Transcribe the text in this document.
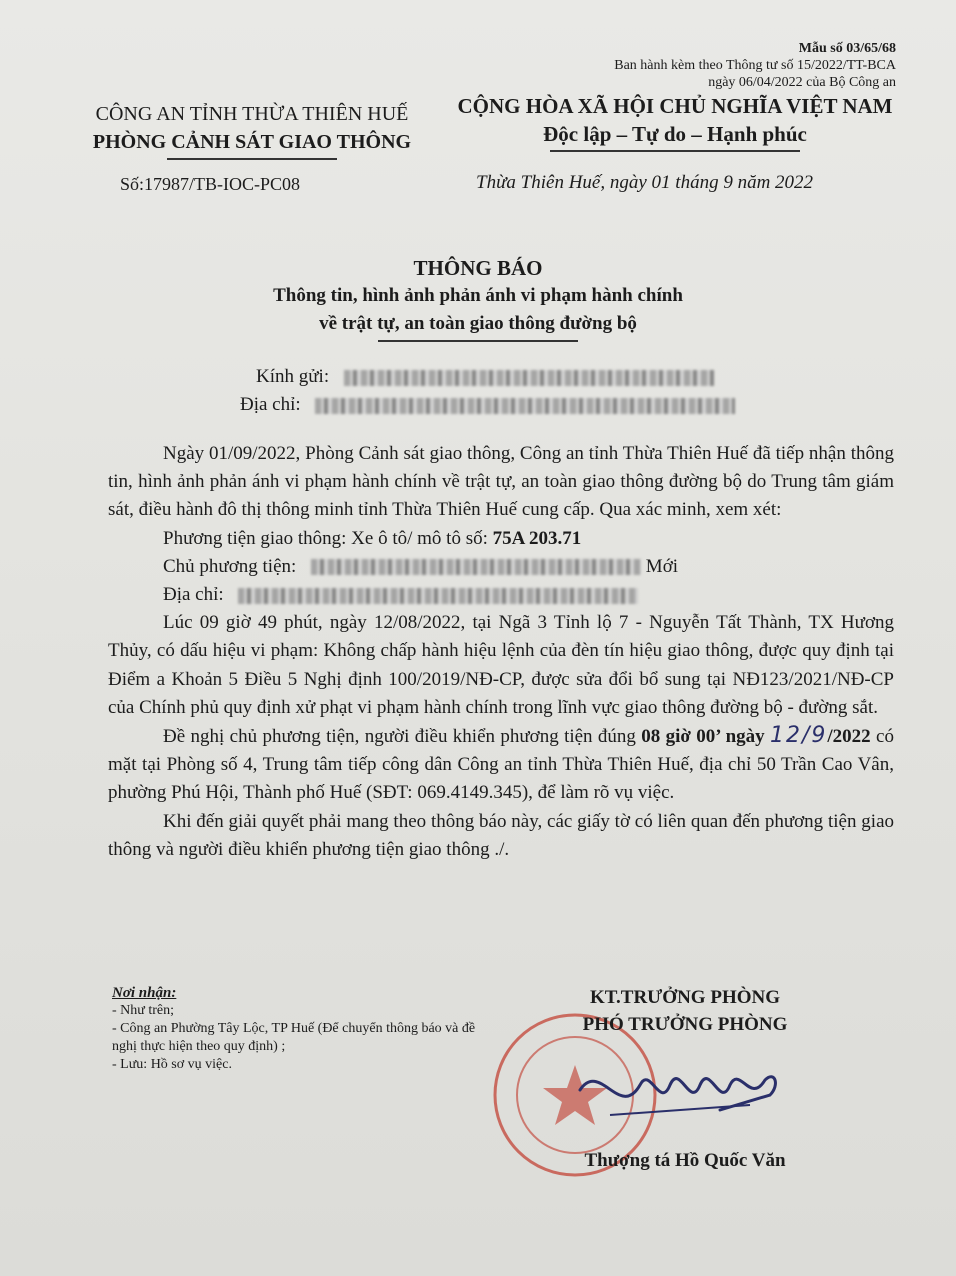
Mẫu số 03/65/68
Ban hành kèm theo Thông tư số 15/2022/TT-BCA
ngày 06/04/2022 của Bộ Công an
CÔNG AN TỈNH THỪA THIÊN HUẾ
PHÒNG CẢNH SÁT GIAO THÔNG
CỘNG HÒA XÃ HỘI CHỦ NGHĨA VIỆT NAM
Độc lập – Tự do – Hạnh phúc
Số:17987/TB-IOC-PC08	Thừa Thiên Huế, ngày 01 tháng 9 năm 2022
THÔNG BÁO
Thông tin, hình ảnh phản ánh vi phạm hành chính
về trật tự, an toàn giao thông đường bộ
Kính gửi:
Địa chỉ:

Ngày 01/09/2022, Phòng Cảnh sát giao thông, Công an tỉnh Thừa Thiên Huế đã tiếp nhận thông tin, hình ảnh phản ánh vi phạm hành chính về trật tự, an toàn giao thông đường bộ do Trung tâm giám sát, điều hành đô thị thông minh tỉnh Thừa Thiên Huế cung cấp. Qua xác minh, xem xét:

Phương tiện giao thông: Xe ô tô/ mô tô số: 75A 203.71

Chủ phương tiện:	Mới

Địa chỉ:

Lúc 09 giờ 49 phút, ngày 12/08/2022, tại Ngã 3 Tỉnh lộ 7 - Nguyễn Tất Thành, TX Hương Thủy, có dấu hiệu vi phạm: Không chấp hành hiệu lệnh của đèn tín hiệu giao thông, được quy định tại Điểm a Khoản 5 Điều 5 Nghị định 100/2019/NĐ-CP, được sửa đổi bổ sung tại NĐ123/2021/NĐ-CP của Chính phủ quy định xử phạt vi phạm hành chính trong lĩnh vực giao thông đường bộ - đường sắt.

Đề nghị chủ phương tiện, người điều khiển phương tiện đúng 08 giờ 00’ ngày 12/9/2022 có mặt tại Phòng số 4, Trung tâm tiếp công dân Công an tỉnh Thừa Thiên Huế, địa chỉ 50 Trần Cao Vân, phường Phú Hội, Thành phố Huế (SĐT: 069.4149.345), để làm rõ vụ việc.

Khi đến giải quyết phải mang theo thông báo này, các giấy tờ có liên quan đến phương tiện giao thông và người điều khiển phương tiện giao thông ./.

Nơi nhận:
- Như trên;
- Công an Phường Tây Lộc, TP Huế (Để chuyển thông báo và đề nghị thực hiện theo quy định) ;
- Lưu: Hồ sơ vụ việc.
KT.TRƯỞNG PHÒNG
PHÓ TRƯỞNG PHÒNG
Thượng tá Hồ Quốc Văn
